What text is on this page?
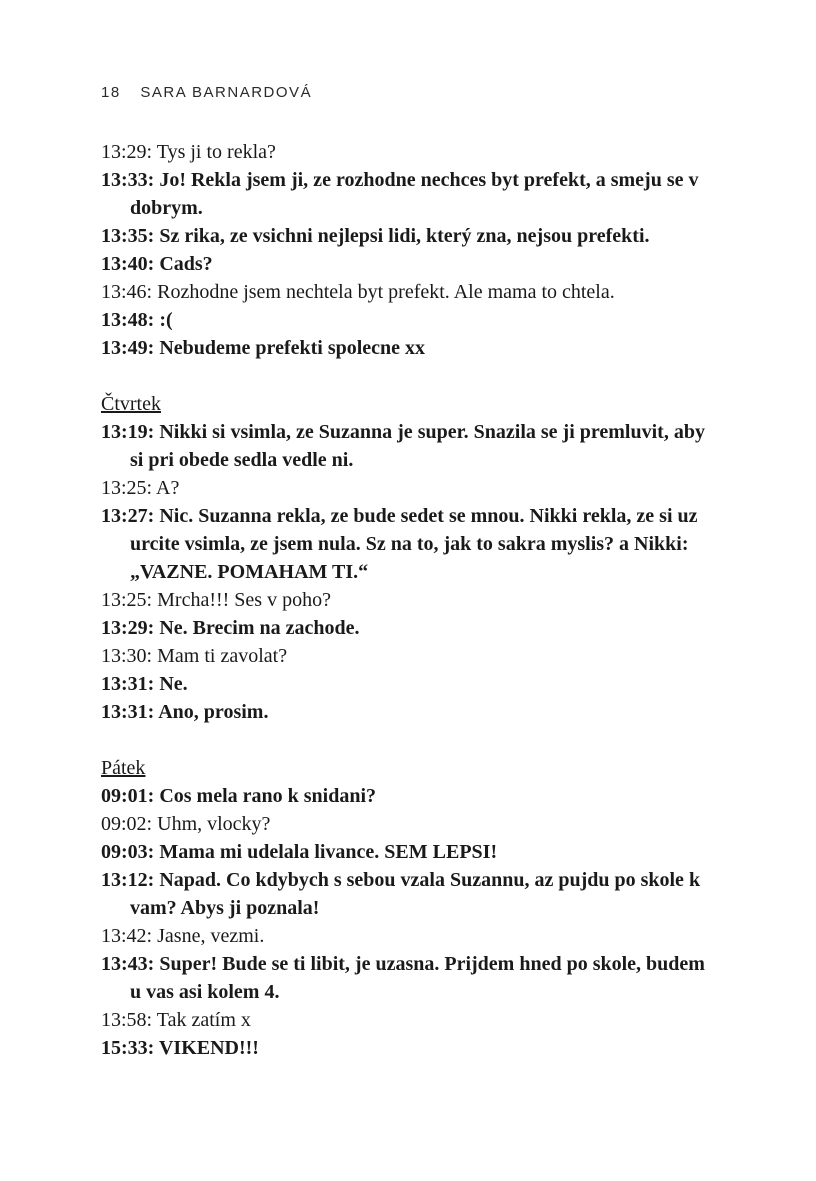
18 SARA BARNARDOVÁ
13:29: Tys ji to rekla?
13:33: Jo! Rekla jsem ji, ze rozhodne nechces byt prefekt, a smeju se v dobrym.
13:35: Sz rika, ze vsichni nejlepsi lidi, který zna, nejsou prefekti.
13:40: Cads?
13:46: Rozhodne jsem nechtela byt prefekt. Ale mama to chtela.
13:48: :(
13:49: Nebudeme prefekti spolecne xx
Čtvrtek
13:19: Nikki si vsimla, ze Suzanna je super. Snazila se ji premluvit, aby si pri obede sedla vedle ni.
13:25: A?
13:27: Nic. Suzanna rekla, ze bude sedet se mnou. Nikki rekla, ze si uz urcite vsimla, ze jsem nula. Sz na to, jak to sakra myslis? a Nikki: „VAZNE. POMAHAM TI.“
13:25: Mrcha!!! Ses v poho?
13:29: Ne. Brecim na zachode.
13:30: Mam ti zavolat?
13:31: Ne.
13:31: Ano, prosim.
Pátek
09:01: Cos mela rano k snidani?
09:02: Uhm, vlocky?
09:03: Mama mi udelala livance. SEM LEPSI!
13:12: Napad. Co kdybych s sebou vzala Suzannu, az pujdu po skole k vam? Abys ji poznala!
13:42: Jasne, vezmi.
13:43: Super! Bude se ti libit, je uzasna. Prijdem hned po skole, budem u vas asi kolem 4.
13:58: Tak zatím x
15:33: VIKEND!!!
